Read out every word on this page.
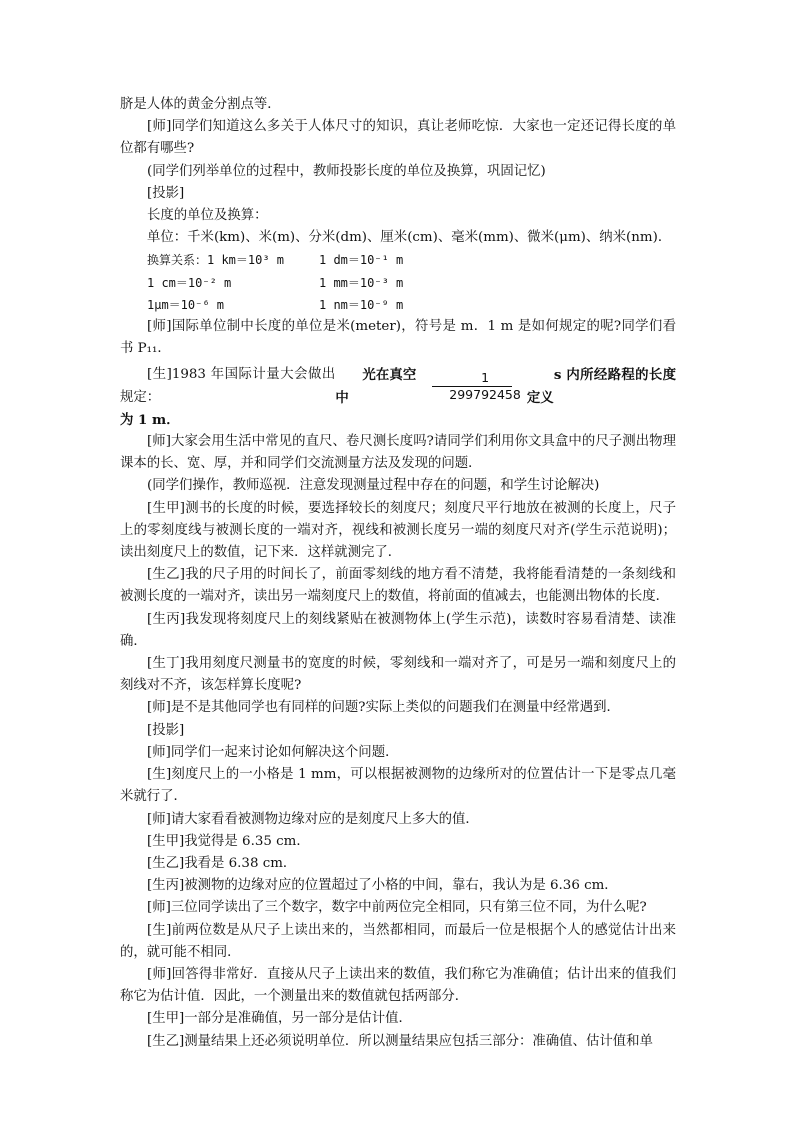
脐是人体的黄金分割点等．

[师]同学们知道这么多关于人体尺寸的知识，真让老师吃惊．大家也一定还记得长度的单位都有哪些?

(同学们列举单位的过程中，教师投影长度的单位及换算，巩固记忆)

[投影]

长度的单位及换算：

单位：千米(km)、米(m)、分米(dm)、厘米(cm)、毫米(mm)、微米(μm)、纳米(nm)．

换算关系：1 km＝10³ m	1 dm＝10⁻¹ m
1 cm＝10⁻² m	1 mm＝10⁻³ m
1μm＝10⁻⁶ m	1 nm＝10⁻⁹ m

[师]国际单位制中长度的单位是米(meter)，符号是 m．1 m 是如何规定的呢?同学们看书 P₁₁．

[生]1983 年国际计量大会做出规定：
光在真空中	$\frac{1}{299792458}$	s 内所经路程的长度定义

为 1 m．

[师]大家会用生活中常见的直尺、卷尺测长度吗?请同学们利用你文具盒中的尺子测出物理课本的长、宽、厚，并和同学们交流测量方法及发现的问题．

(同学们操作，教师巡视．注意发现测量过程中存在的问题，和学生讨论解决)

[生甲]测书的长度的时候，要选择较长的刻度尺；刻度尺平行地放在被测的长度上，尺子上的零刻度线与被测长度的一端对齐，视线和被测长度另一端的刻度尺对齐(学生示范说明)；读出刻度尺上的数值，记下来．这样就测完了．

[生乙]我的尺子用的时间长了，前面零刻线的地方看不清楚，我将能看清楚的一条刻线和被测长度的一端对齐，读出另一端刻度尺上的数值，将前面的值减去，也能测出物体的长度．

[生丙]我发现将刻度尺上的刻线紧贴在被测物体上(学生示范)，读数时容易看清楚、读准确．

[生丁]我用刻度尺测量书的宽度的时候，零刻线和一端对齐了，可是另一端和刻度尺上的刻线对不齐，该怎样算长度呢?

[师]是不是其他同学也有同样的问题?实际上类似的问题我们在测量中经常遇到．

[投影]

[师]同学们一起来讨论如何解决这个问题．

[生]刻度尺上的一小格是 1 mm，可以根据被测物的边缘所对的位置估计一下是零点几毫米就行了．

[师]请大家看看被测物边缘对应的是刻度尺上多大的值．

[生甲]我觉得是 6.35 cm．

[生乙]我看是 6.38 cm．

[生丙]被测物的边缘对应的位置超过了小格的中间，靠右，我认为是 6.36 cm．

[师]三位同学读出了三个数字，数字中前两位完全相同，只有第三位不同，为什么呢?

[生]前两位数是从尺子上读出来的，当然都相同，而最后一位是根据个人的感觉估计出来的，就可能不相同．

[师]回答得非常好．直接从尺子上读出来的数值，我们称它为准确值；估计出来的值我们称它为估计值．因此，一个测量出来的数值就包括两部分．

[生甲]一部分是准确值，另一部分是估计值．

[生乙]测量结果上还必须说明单位．所以测量结果应包括三部分：准确值、估计值和单
